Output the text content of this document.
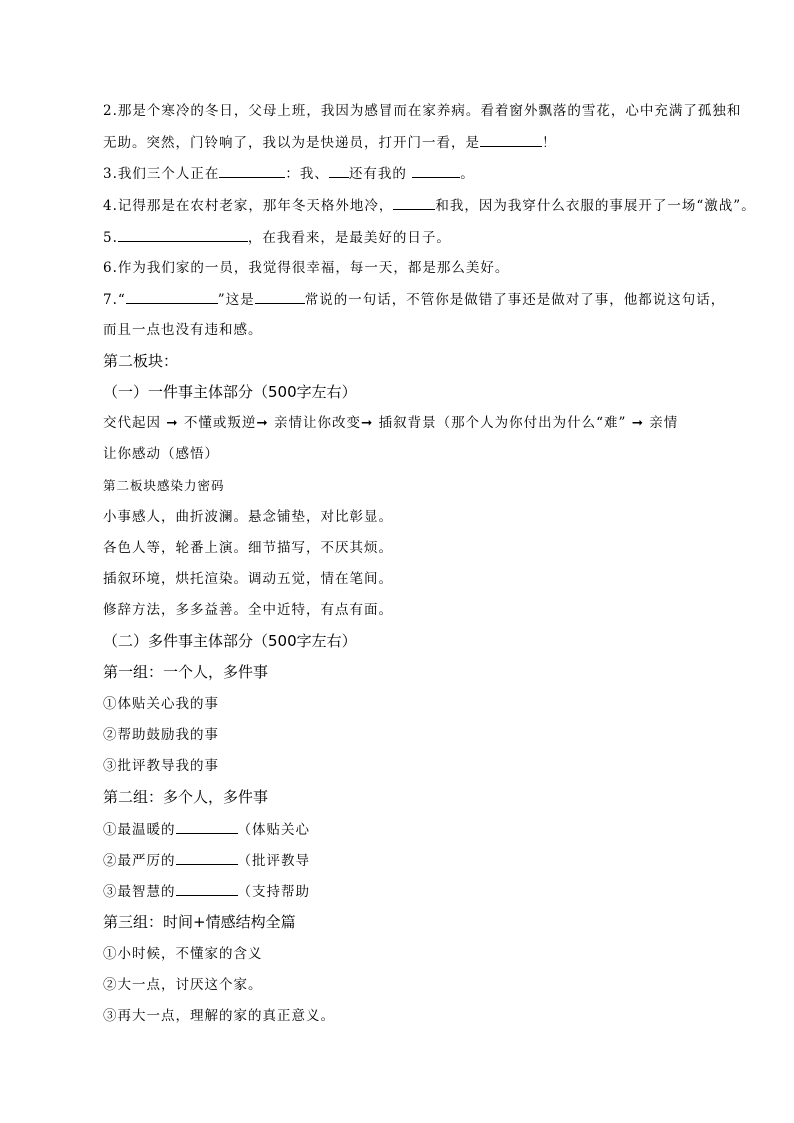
2.那是个寒冷的冬日，父母上班，我因为感冒而在家养病。看着窗外飘落的雪花，心中充满了孤独和
无助。突然，门铃响了，我以为是快递员，打开门一看，是	！
3.我们三个人正在	：我、 还有我的	。
4.记得那是在农村老家，那年冬天格外地冷，	和我，因为我穿什么衣服的事展开了一场“激战”。
5.	，在我看来，是最美好的日子。
6.作为我们家的一员，我觉得很幸福，每一天，都是那么美好。
7.“	”这是	常说的一句话，不管你是做错了事还是做对了事，他都说这句话，
而且一点也没有违和感。
第二板块：
（一）一件事主体部分（500字左右）
交代起因 ➞ 不懂或叛逆➞ 亲情让你改变➞ 插叙背景（那个人为你付出为什么“难” ➞ 亲情
让你感动（感悟）
第二板块感染力密码
小事感人，曲折波澜。悬念铺垫，对比彰显。
各色人等，轮番上演。细节描写，不厌其烦。
插叙环境，烘托渲染。调动五觉，情在笔间。
修辞方法，多多益善。全中近特，有点有面。
（二）多件事主体部分（500字左右）
第一组：一个人，多件事
①体贴关心我的事
②帮助鼓励我的事
③批评教导我的事
第二组：多个人，多件事
①最温暖的	（体贴关心
②最严厉的	（批评教导
③最智慧的	（支持帮助
第三组：时间+情感结构全篇
①小时候，不懂家的含义
②大一点，讨厌这个家。
③再大一点，理解的家的真正意义。
